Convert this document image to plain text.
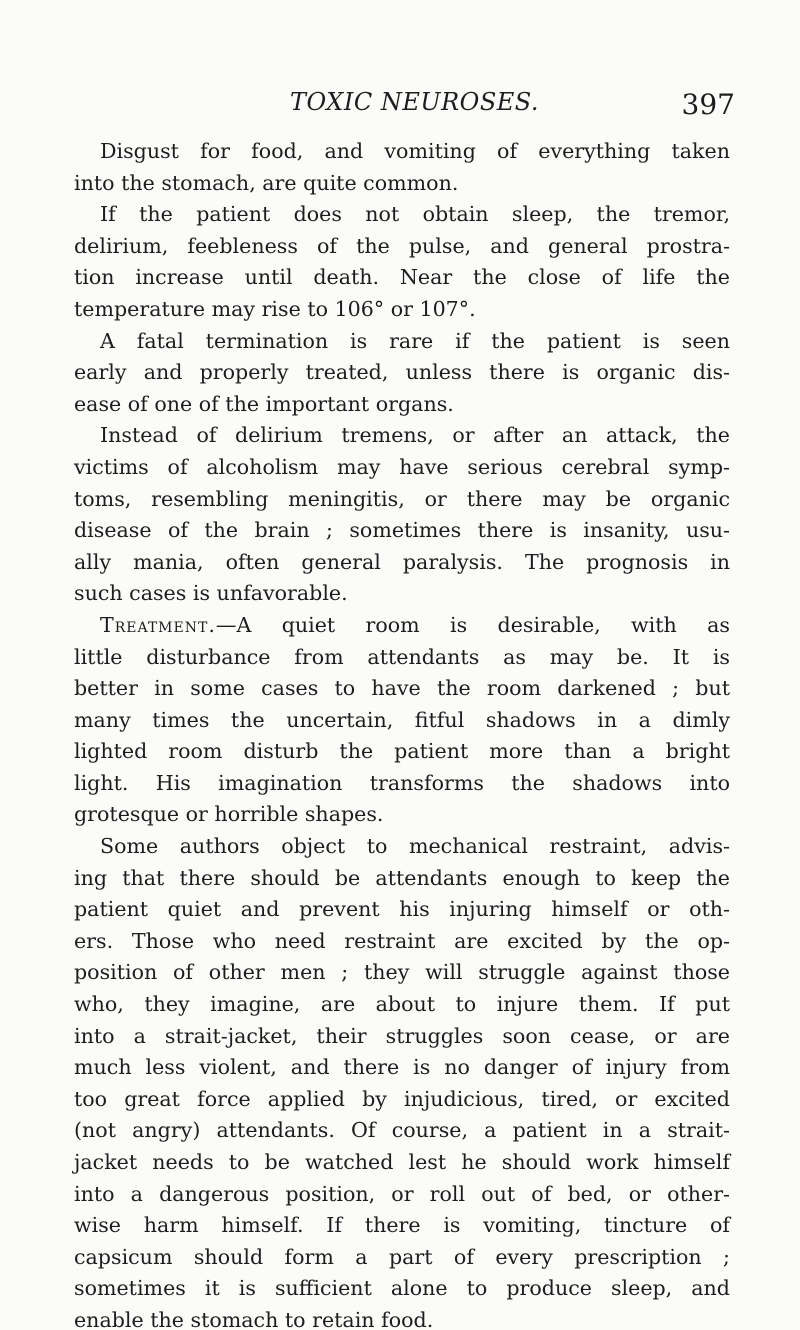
TOXIC NEUROSES.	397
Disgust for food, and vomiting of everything taken
into the stomach, are quite common.
If the patient does not obtain sleep, the tremor,
delirium, feebleness of the pulse, and general prostra-
tion increase until death. Near the close of life the
temperature may rise to 106° or 107°.
A fatal termination is rare if the patient is seen
early and properly treated, unless there is organic dis-
ease of one of the important organs.
Instead of delirium tremens, or after an attack, the
victims of alcoholism may have serious cerebral symp-
toms, resembling meningitis, or there may be organic
disease of the brain ; sometimes there is insanity, usu-
ally mania, often general paralysis. The prognosis in
such cases is unfavorable.
Treatment.—A quiet room is desirable, with as
little disturbance from attendants as may be. It is
better in some cases to have the room darkened ; but
many times the uncertain, fitful shadows in a dimly
lighted room disturb the patient more than a bright
light. His imagination transforms the shadows into
grotesque or horrible shapes.
Some authors object to mechanical restraint, advis-
ing that there should be attendants enough to keep the
patient quiet and prevent his injuring himself or oth-
ers. Those who need restraint are excited by the op-
position of other men ; they will struggle against those
who, they imagine, are about to injure them. If put
into a strait-jacket, their struggles soon cease, or are
much less violent, and there is no danger of injury from
too great force applied by injudicious, tired, or excited
(not angry) attendants. Of course, a patient in a strait-
jacket needs to be watched lest he should work himself
into a dangerous position, or roll out of bed, or other-
wise harm himself. If there is vomiting, tincture of
capsicum should form a part of every prescription ;
sometimes it is sufficient alone to produce sleep, and
enable the stomach to retain food.
